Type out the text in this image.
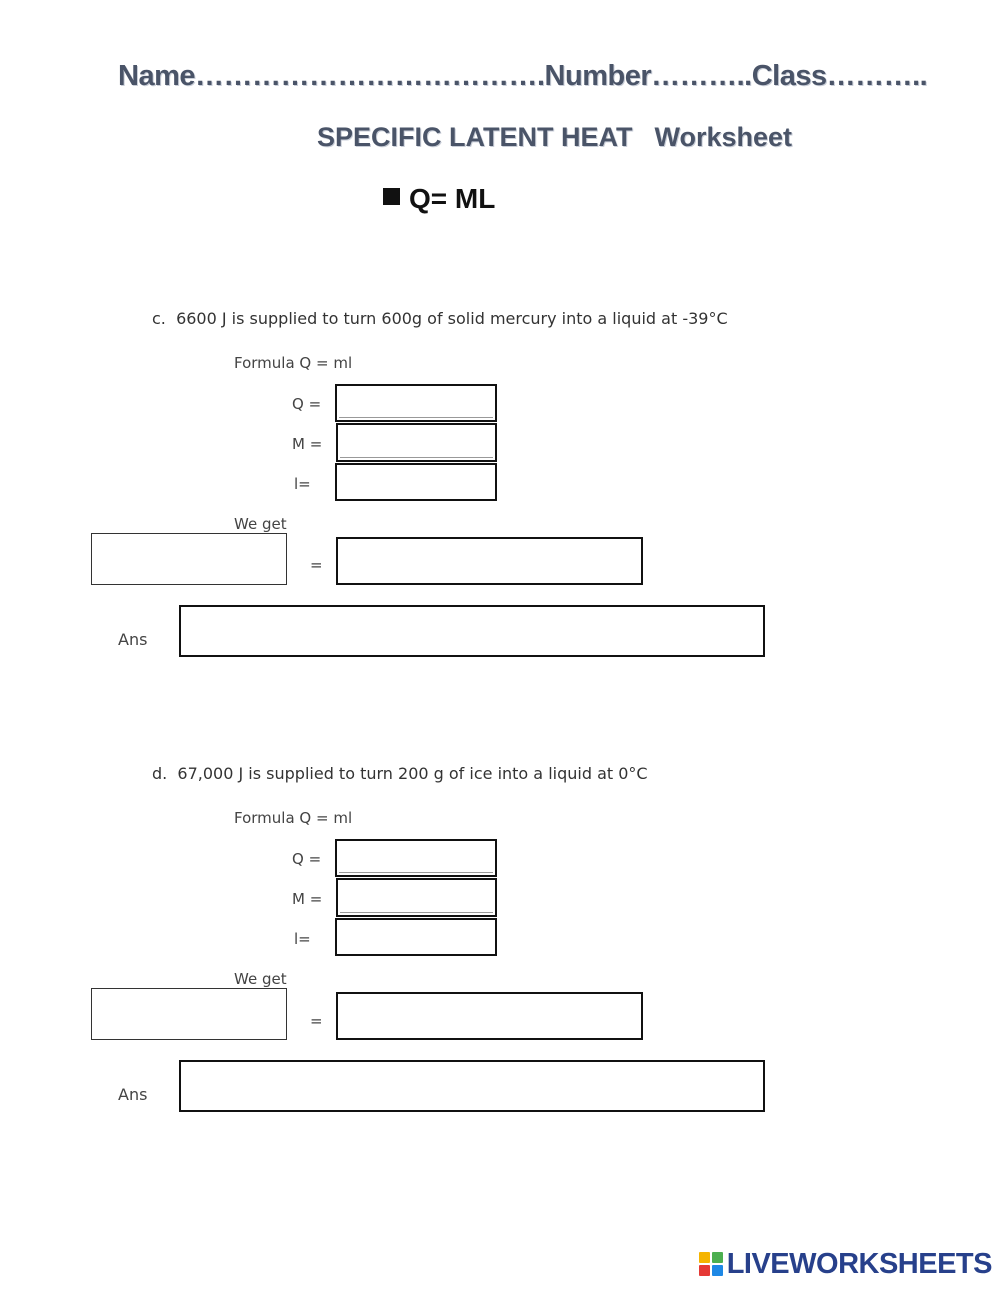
Name……………………………….Number………..Class………..
SPECIFIC LATENT HEAT Worksheet
Q= ML
c. 6600 J is supplied to turn 600g of solid mercury into a liquid at -39°C
Formula Q = ml
Q =
M =
l=
We get
=
Ans
d. 67,000 J is supplied to turn 200 g of ice into a liquid at 0°C
Formula Q = ml
Q =
M =
l=
We get
=
Ans
LIVEWORKSHEETS
